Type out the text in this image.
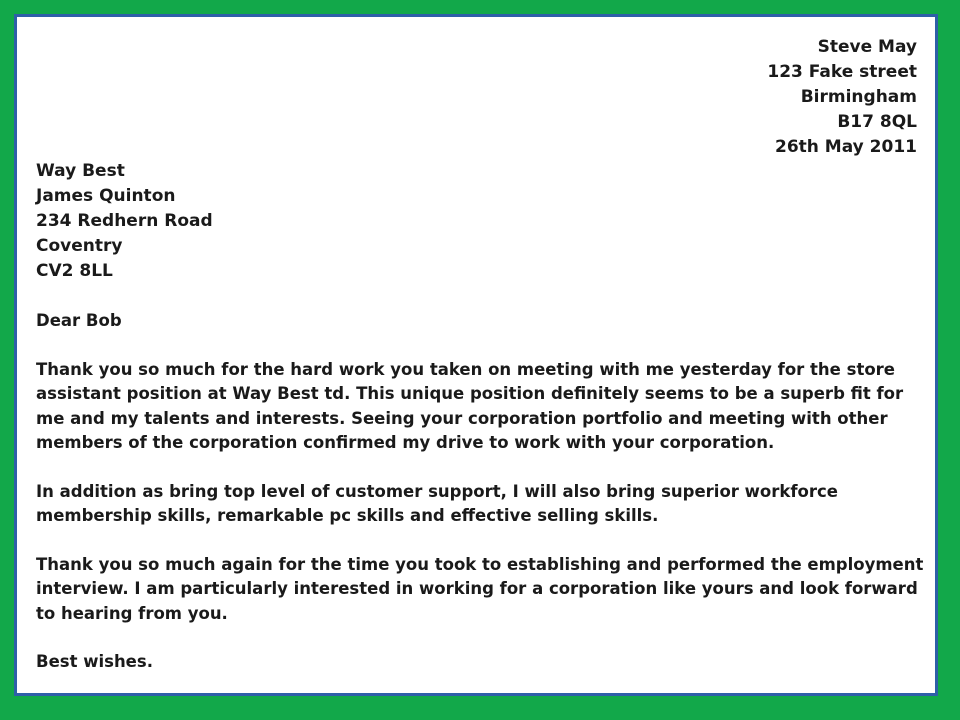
Steve May
123 Fake street
Birmingham
B17 8QL
26th May 2011
Way Best
James Quinton
234 Redhern Road
Coventry
CV2 8LL

Dear Bob

Thank you so much for the hard work you taken on meeting with me yesterday for the store assistant position at Way Best td. This unique position definitely seems to be a superb fit for me and my talents and interests. Seeing your corporation portfolio and meeting with other members of the corporation confirmed my drive to work with your corporation.

In addition as bring top level of customer support, I will also bring superior workforce membership skills, remarkable pc skills and effective selling skills.

Thank you so much again for the time you took to establishing and performed the employment interview. I am particularly interested in working for a corporation like yours and look forward to hearing from you.

Best wishes.
